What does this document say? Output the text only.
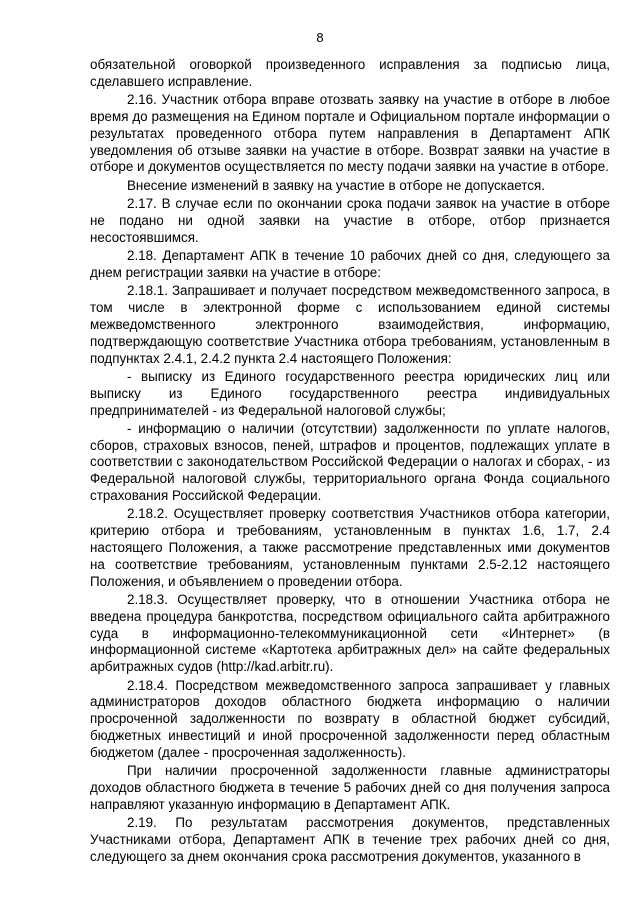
8

обязательной оговоркой произведенного исправления за подписью лица, сделавшего исправление.

2.16. Участник отбора вправе отозвать заявку на участие в отборе в любое время до размещения на Едином портале и Официальном портале информации о результатах проведенного отбора путем направления в Департамент АПК уведомления об отзыве заявки на участие в отборе. Возврат заявки на участие в отборе и документов осуществляется по месту подачи заявки на участие в отборе.

Внесение изменений в заявку на участие в отборе не допускается.

2.17. В случае если по окончании срока подачи заявок на участие в отборе не подано ни одной заявки на участие в отборе, отбор признается несостоявшимся.

2.18. Департамент АПК в течение 10 рабочих дней со дня, следующего за днем регистрации заявки на участие в отборе:

2.18.1. Запрашивает и получает посредством межведомственного запроса, в том числе в электронной форме с использованием единой системы межведомственного электронного взаимодействия, информацию, подтверждающую соответствие Участника отбора требованиям, установленным в подпунктах 2.4.1, 2.4.2 пункта 2.4 настоящего Положения:

- выписку из Единого государственного реестра юридических лиц или выписку из Единого государственного реестра индивидуальных предпринимателей - из Федеральной налоговой службы;

- информацию о наличии (отсутствии) задолженности по уплате налогов, сборов, страховых взносов, пеней, штрафов и процентов, подлежащих уплате в соответствии с законодательством Российской Федерации о налогах и сборах, - из Федеральной налоговой службы, территориального органа Фонда социального страхования Российской Федерации.

2.18.2. Осуществляет проверку соответствия Участников отбора категории, критерию отбора и требованиям, установленным в пунктах 1.6, 1.7, 2.4 настоящего Положения, а также рассмотрение представленных ими документов на соответствие требованиям, установленным пунктами 2.5-2.12 настоящего Положения, и объявлением о проведении отбора.

2.18.3. Осуществляет проверку, что в отношении Участника отбора не введена процедура банкротства, посредством официального сайта арбитражного суда в информационно-телекоммуникационной сети «Интернет» (в информационной системе «Картотека арбитражных дел» на сайте федеральных арбитражных судов (http://kad.arbitr.ru).

2.18.4. Посредством межведомственного запроса запрашивает у главных администраторов доходов областного бюджета информацию о наличии просроченной задолженности по возврату в областной бюджет субсидий, бюджетных инвестиций и иной просроченной задолженности перед областным бюджетом (далее - просроченная задолженность).

При наличии просроченной задолженности главные администраторы доходов областного бюджета в течение 5 рабочих дней со дня получения запроса направляют указанную информацию в Департамент АПК.

2.19. По результатам рассмотрения документов, представленных Участниками отбора, Департамент АПК в течение трех рабочих дней со дня, следующего за днем окончания срока рассмотрения документов, указанного в
